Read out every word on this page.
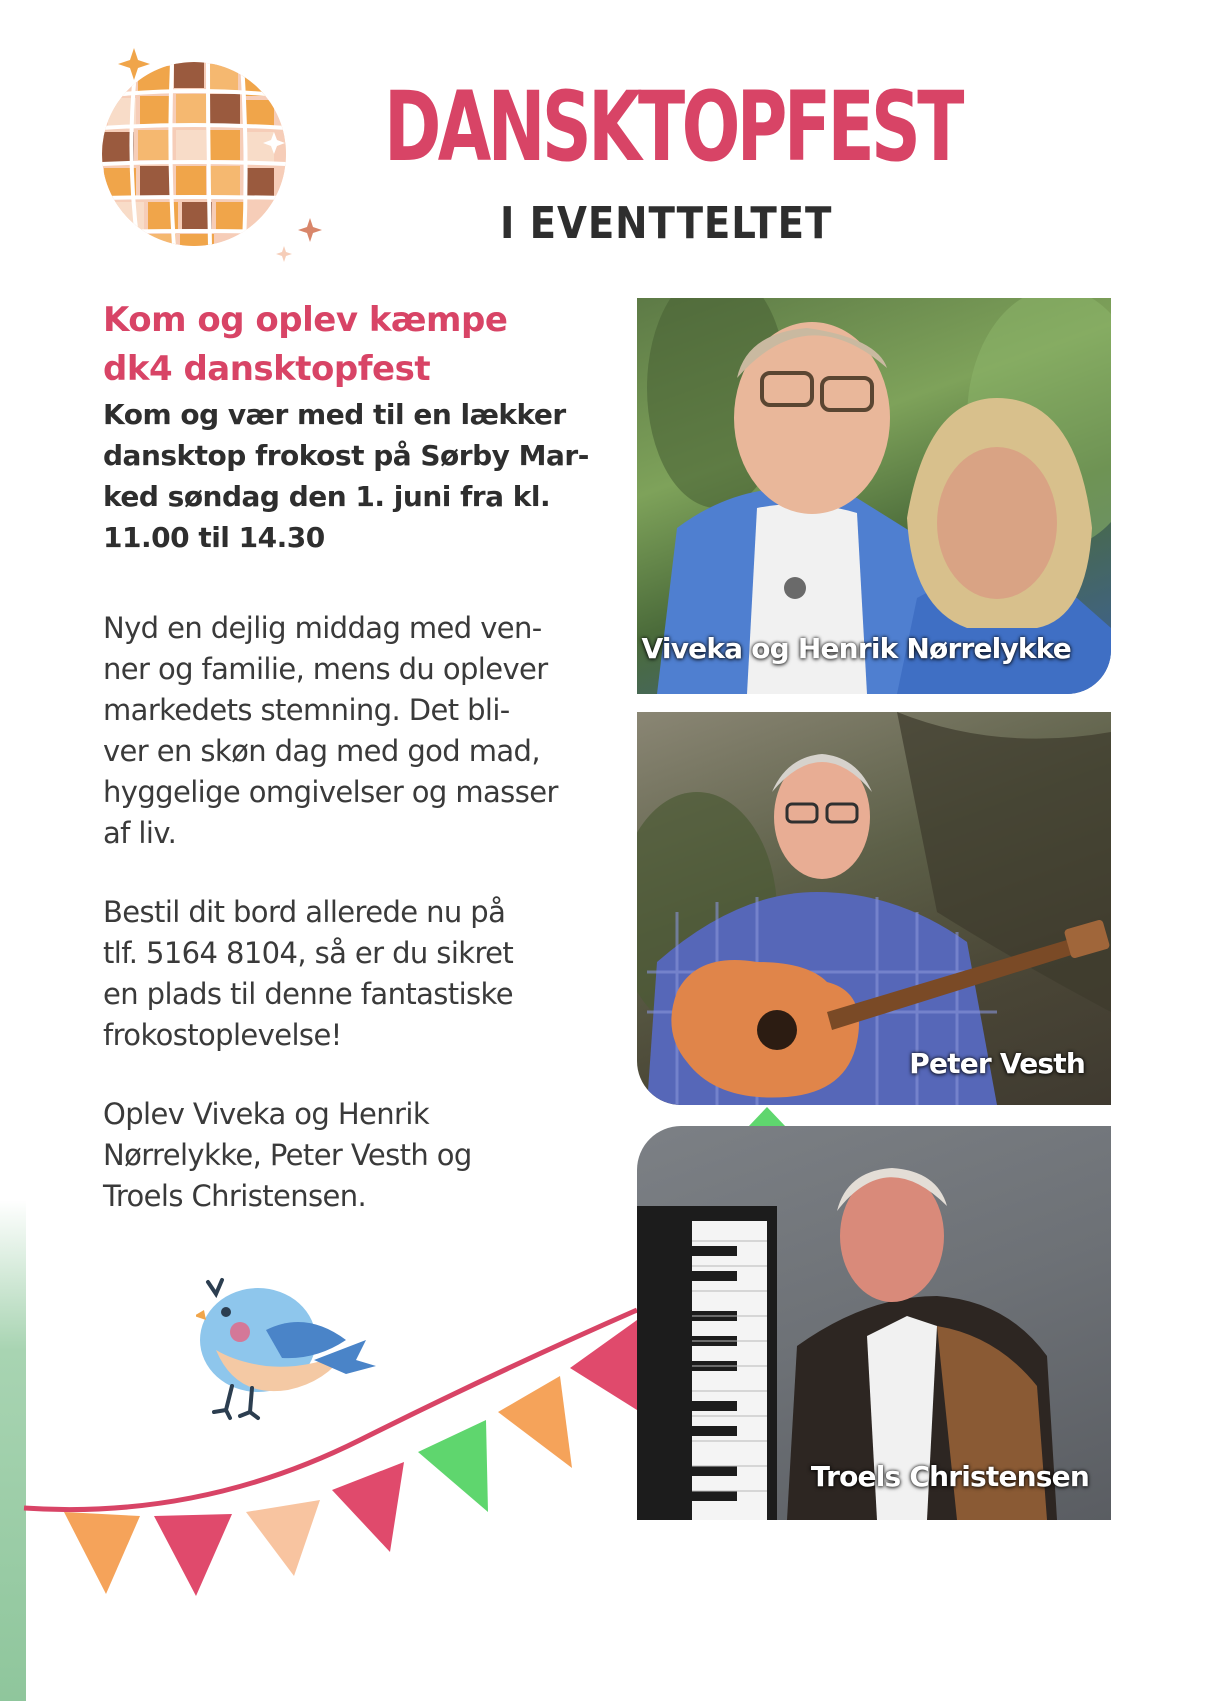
DANSKTOPFEST
I EVENTTELTET

Kom og oplev kæmpe
dk4 dansktopfest

Kom og vær med til en lækker
dansktop frokost på Sørby Mar-
ked søndag den 1. juni fra kl.
11.00 til 14.30

Nyd en dejlig middag med ven-
ner og familie, mens du oplever
markedets stemning. Det bli-
ver en skøn dag med god mad,
hyggelige omgivelser og masser
af liv.

Bestil dit bord allerede nu på
tlf. 5164 8104, så er du sikret
en plads til denne fantastiske
frokostoplevelse!

Oplev Viveka og Henrik
Nørrelykke, Peter Vesth og
Troels Christensen.

Viveka og Henrik Nørrelykke
Peter Vesth
Troels Christensen
